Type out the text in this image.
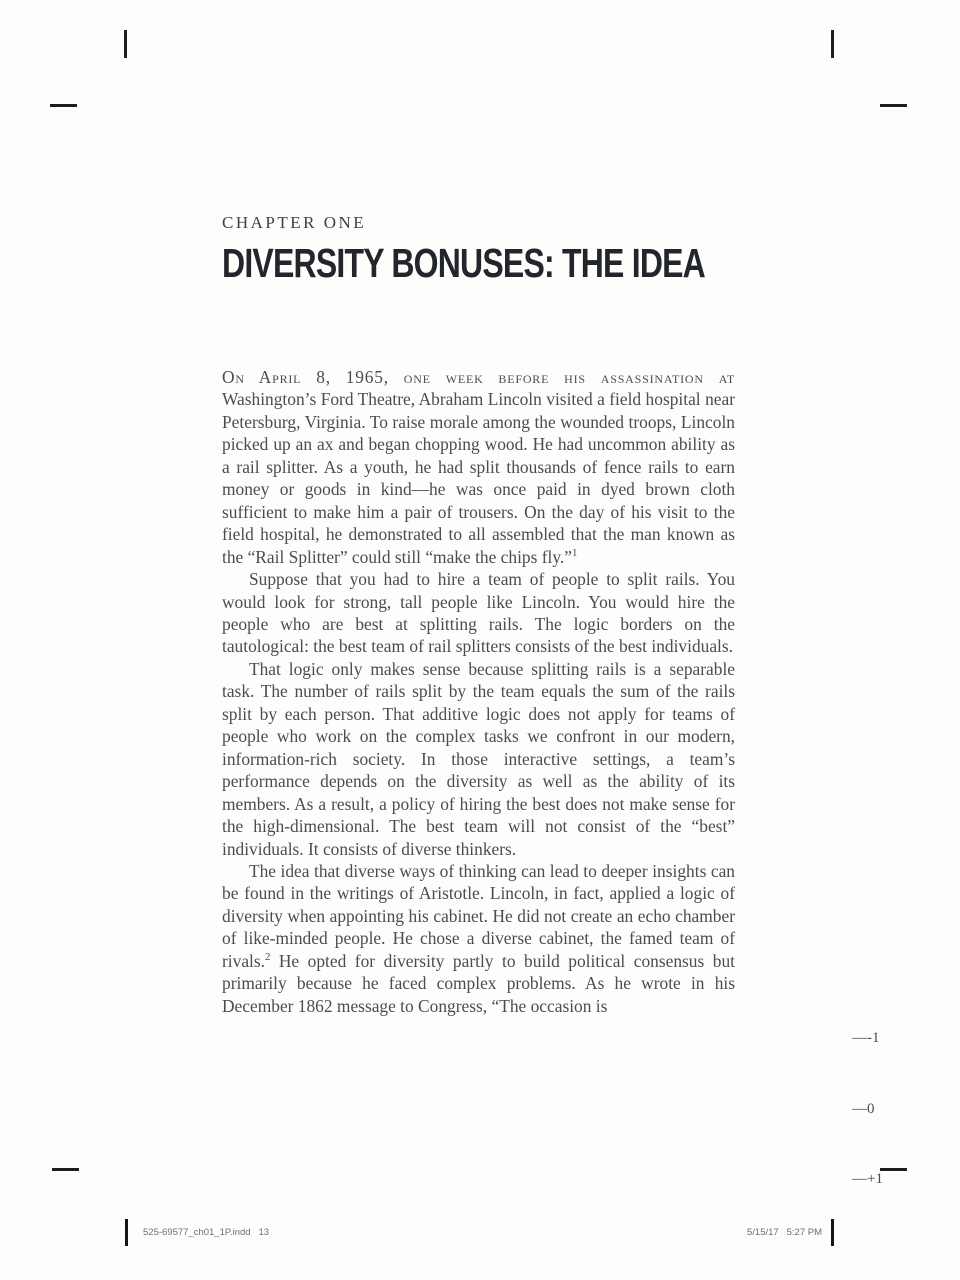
CHAPTER ONE
DIVERSITY BONUSES: THE IDEA

On April 8, 1965, one week before his assassination at Washington’s Ford Theatre, Abraham Lincoln visited a field hospital near Petersburg, Virginia. To raise morale among the wounded troops, Lincoln picked up an ax and began chopping wood. He had uncommon ability as a rail splitter. As a youth, he had split thousands of fence rails to earn money or goods in kind—he was once paid in dyed brown cloth sufficient to make him a pair of trousers. On the day of his visit to the field hospital, he demonstrated to all assembled that the man known as the “Rail Splitter” could still “make the chips fly.”$^1$

Suppose that you had to hire a team of people to split rails. You would look for strong, tall people like Lincoln. You would hire the people who are best at splitting rails. The logic borders on the tautological: the best team of rail splitters consists of the best individuals.

That logic only makes sense because splitting rails is a separable task. The number of rails split by the team equals the sum of the rails split by each person. That additive logic does not apply for teams of people who work on the complex tasks we confront in our modern, information-rich society. In those interactive settings, a team’s performance depends on the diversity as well as the ability of its members. As a result, a policy of hiring the best does not make sense for the high-dimensional. The best team will not consist of the “best” individuals. It consists of diverse thinkers.

The idea that diverse ways of thinking can lead to deeper insights can be found in the writings of Aristotle. Lincoln, in fact, applied a logic of diversity when appointing his cabinet. He did not create an echo chamber of like-minded people. He chose a diverse cabinet, the famed team of rivals.$^2$ He opted for diversity partly to build political consensus but primarily because he faced complex problems. As he wrote in his December 1862 message to Congress, “The occasion is

—-1

—0

—+1

525-69577_ch01_1P.indd   13	5/15/17   5:27 PM
